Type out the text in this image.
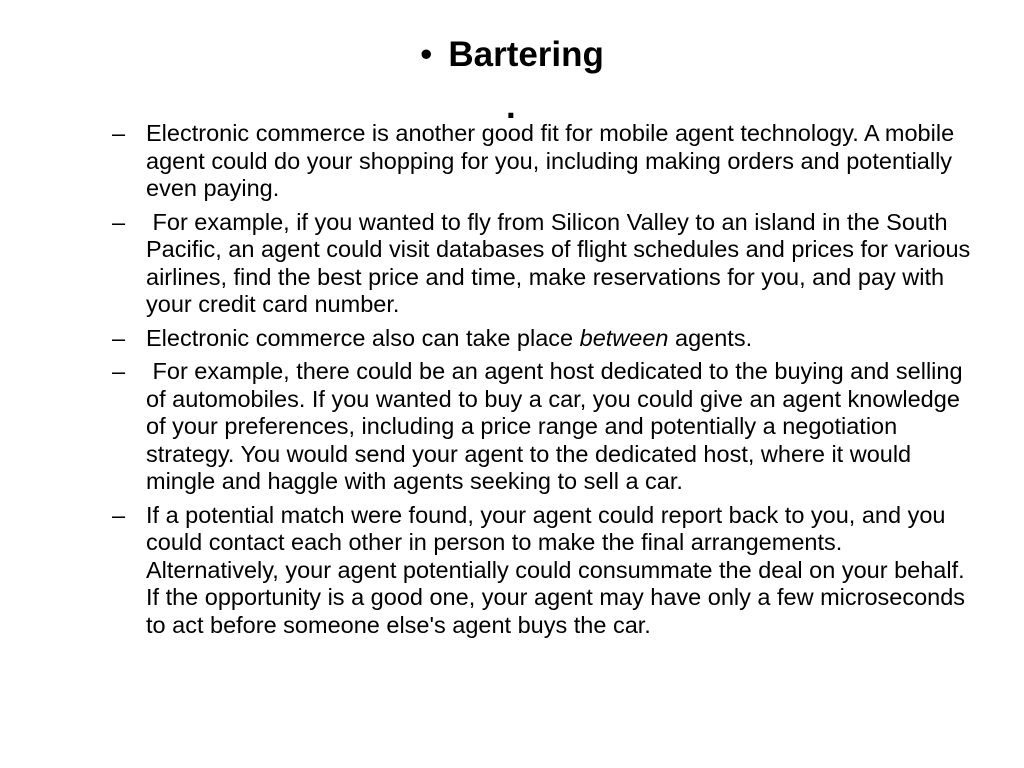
• Bartering
.
– Electronic commerce is another good fit for mobile agent technology. A mobile agent could do your shopping for you, including making orders and potentially even paying.
– For example, if you wanted to fly from Silicon Valley to an island in the South Pacific, an agent could visit databases of flight schedules and prices for various airlines, find the best price and time, make reservations for you, and pay with your credit card number.
– Electronic commerce also can take place between agents.
– For example, there could be an agent host dedicated to the buying and selling of automobiles. If you wanted to buy a car, you could give an agent knowledge of your preferences, including a price range and potentially a negotiation strategy. You would send your agent to the dedicated host, where it would mingle and haggle with agents seeking to sell a car.
– If a potential match were found, your agent could report back to you, and you could contact each other in person to make the final arrangements. Alternatively, your agent potentially could consummate the deal on your behalf. If the opportunity is a good one, your agent may have only a few microseconds to act before someone else's agent buys the car.
